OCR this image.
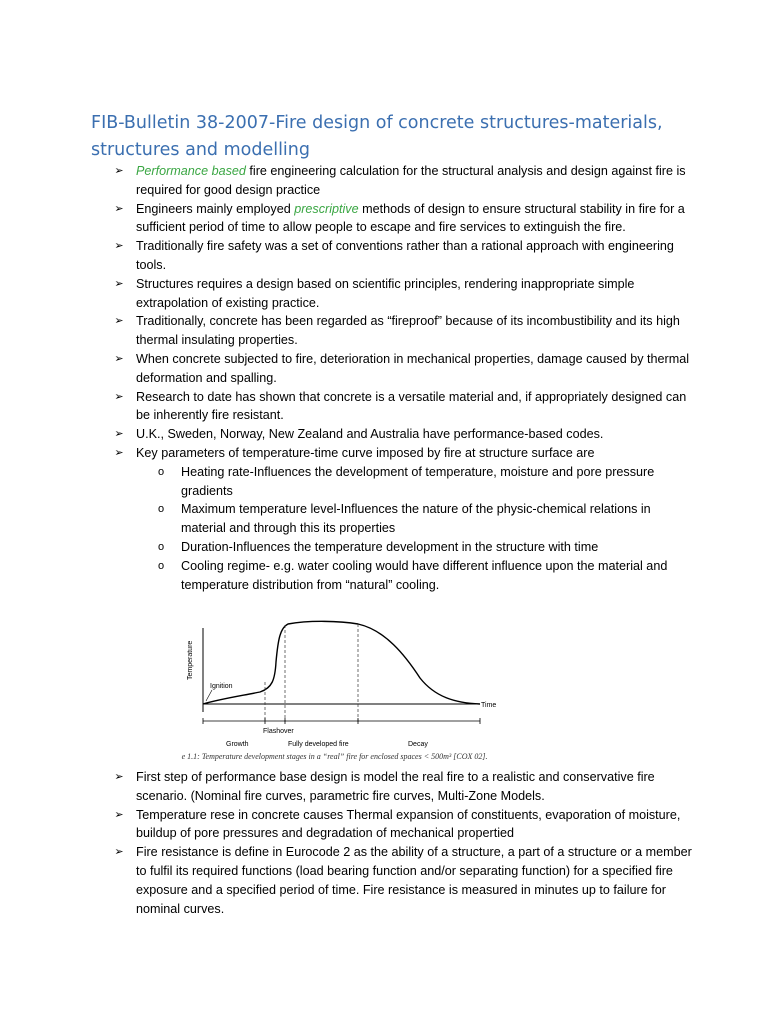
FIB-Bulletin 38-2007-Fire design of concrete structures-materials, structures and modelling
➢ Performance based fire engineering calculation for the structural analysis and design against fire is required for good design practice
➢ Engineers mainly employed prescriptive methods of design to ensure structural stability in fire for a sufficient period of time to allow people to escape and fire services to extinguish the fire.
➢ Traditionally fire safety was a set of conventions rather than a rational approach with engineering tools.
➢ Structures requires a design based on scientific principles, rendering inappropriate simple extrapolation of existing practice.
➢ Traditionally, concrete has been regarded as “fireproof” because of its incombustibility and its high thermal insulating properties.
➢ When concrete subjected to fire, deterioration in mechanical properties, damage caused by thermal deformation and spalling.
➢ Research to date has shown that concrete is a versatile material and, if appropriately designed can be inherently fire resistant.
➢ U.K., Sweden, Norway, New Zealand and Australia have performance-based codes.
➢ Key parameters of temperature-time curve imposed by fire at structure surface are
o Heating rate-Influences the development of temperature, moisture and pore pressure gradients
o Maximum temperature level-Influences the nature of the physic-chemical relations in material and through this its properties
o Duration-Influences the temperature development in the structure with time
o Cooling regime- e.g. water cooling would have different influence upon the material and temperature distribution from “natural” cooling.
Temperature
Time
Ignition
Flashover
Growth	Fully developed fire	Decay
 e 1.1: Temperature development stages in a “real” fire for enclosed spaces < 500m³ [COX 02].
➢ First step of performance base design is model the real fire to a realistic and conservative fire scenario. (Nominal fire curves, parametric fire curves, Multi-Zone Models.
➢ Temperature rese in concrete causes Thermal expansion of constituents, evaporation of moisture, buildup of pore pressures and degradation of mechanical propertied
➢ Fire resistance is define in Eurocode 2 as the ability of a structure, a part of a structure or a member to fulfil its required functions (load bearing function and/or separating function) for a specified fire exposure and a specified period of time. Fire resistance is measured in minutes up to failure for nominal curves.
